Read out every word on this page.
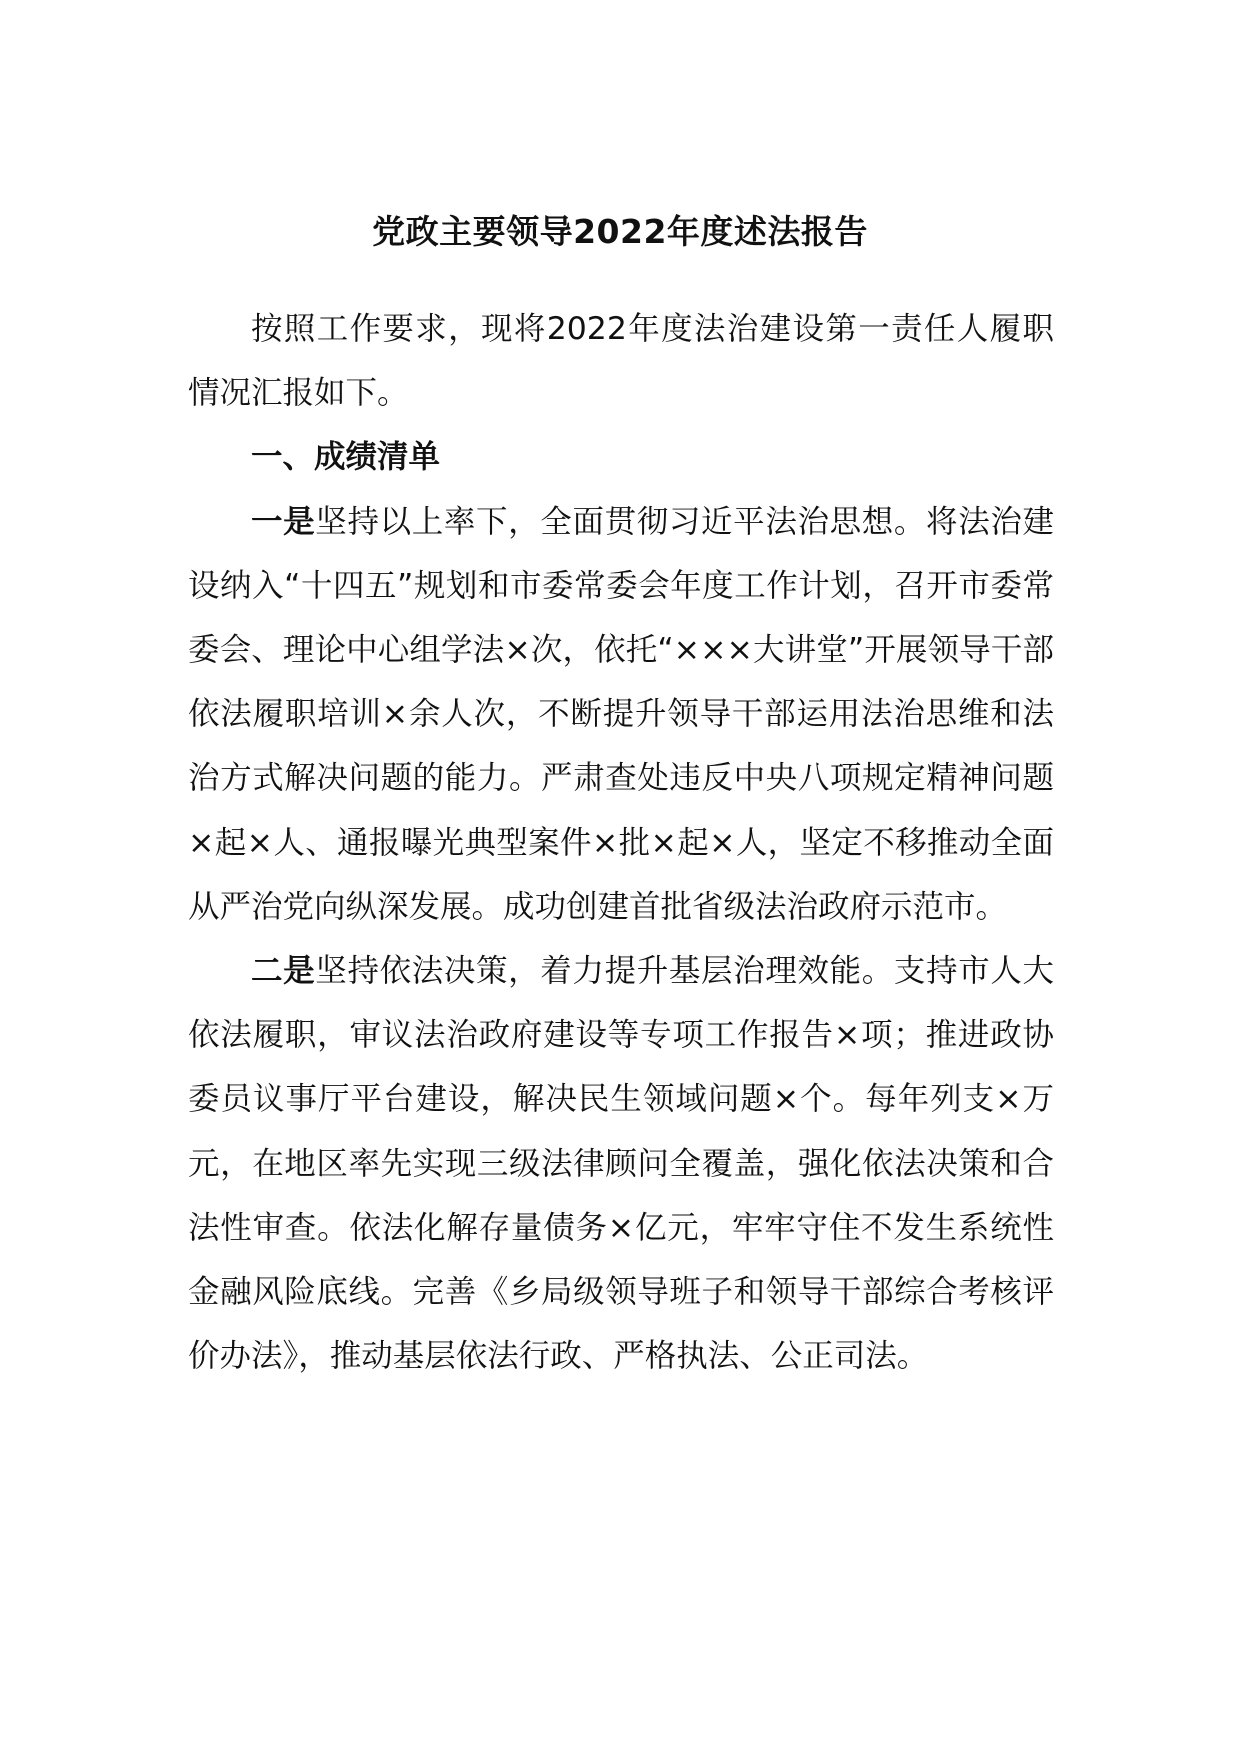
党政主要领导2022年度述法报告

按照工作要求，现将2022年度法治建设第一责任人履职情况汇报如下。

一、成绩清单

一是坚持以上率下，全面贯彻习近平法治思想。将法治建设纳入“十四五”规划和市委常委会年度工作计划，召开市委常委会、理论中心组学法×次，依托“×××大讲堂”开展领导干部依法履职培训×余人次，不断提升领导干部运用法治思维和法治方式解决问题的能力。严肃查处违反中央八项规定精神问题×起×人、通报曝光典型案件×批×起×人，坚定不移推动全面从严治党向纵深发展。成功创建首批省级法治政府示范市。

二是坚持依法决策，着力提升基层治理效能。支持市人大依法履职，审议法治政府建设等专项工作报告×项；推进政协委员议事厅平台建设，解决民生领域问题×个。每年列支×万元，在地区率先实现三级法律顾问全覆盖，强化依法决策和合法性审查。依法化解存量债务×亿元，牢牢守住不发生系统性金融风险底线。完善《乡局级领导班子和领导干部综合考核评价办法》，推动基层依法行政、严格执法、公正司法。
